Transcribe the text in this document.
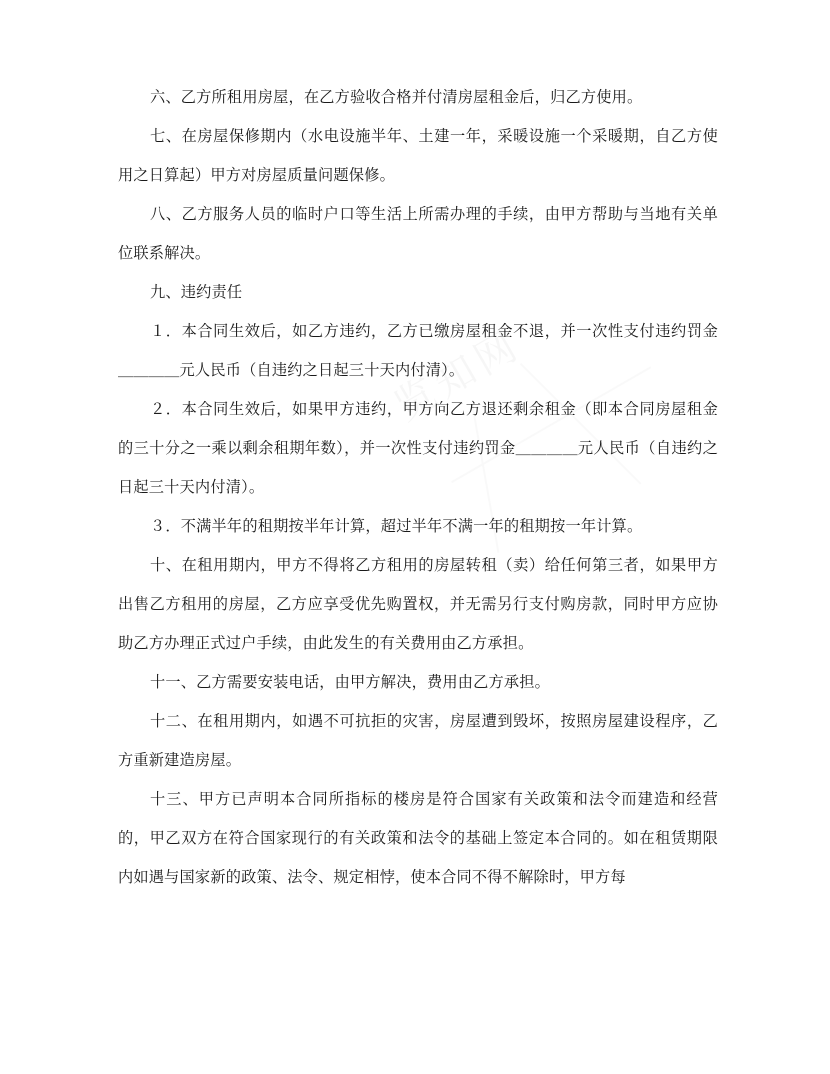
览知网

六、乙方所租用房屋，在乙方验收合格并付清房屋租金后，归乙方使用。

七、在房屋保修期内（水电设施半年、土建一年，采暖设施一个采暖期，自乙方使用之日算起）甲方对房屋质量问题保修。

八、乙方服务人员的临时户口等生活上所需办理的手续，由甲方帮助与当地有关单位联系解决。

九、违约责任

１．本合同生效后，如乙方违约，乙方已缴房屋租金不退，并一次性支付违约罚金＿＿＿＿元人民币（自违约之日起三十天内付清）。

２．本合同生效后，如果甲方违约，甲方向乙方退还剩余租金（即本合同房屋租金的三十分之一乘以剩余租期年数），并一次性支付违约罚金＿＿＿＿元人民币（自违约之日起三十天内付清）。

３．不满半年的租期按半年计算，超过半年不满一年的租期按一年计算。

十、在租用期内，甲方不得将乙方租用的房屋转租（卖）给任何第三者，如果甲方出售乙方租用的房屋，乙方应享受优先购置权，并无需另行支付购房款，同时甲方应协助乙方办理正式过户手续，由此发生的有关费用由乙方承担。

十一、乙方需要安装电话，由甲方解决，费用由乙方承担。

十二、在租用期内，如遇不可抗拒的灾害，房屋遭到毁坏，按照房屋建设程序，乙方重新建造房屋。

十三、甲方已声明本合同所指标的楼房是符合国家有关政策和法令而建造和经营的，甲乙双方在符合国家现行的有关政策和法令的基础上签定本合同的。如在租赁期限内如遇与国家新的政策、法令、规定相悖，使本合同不得不解除时，甲方每
